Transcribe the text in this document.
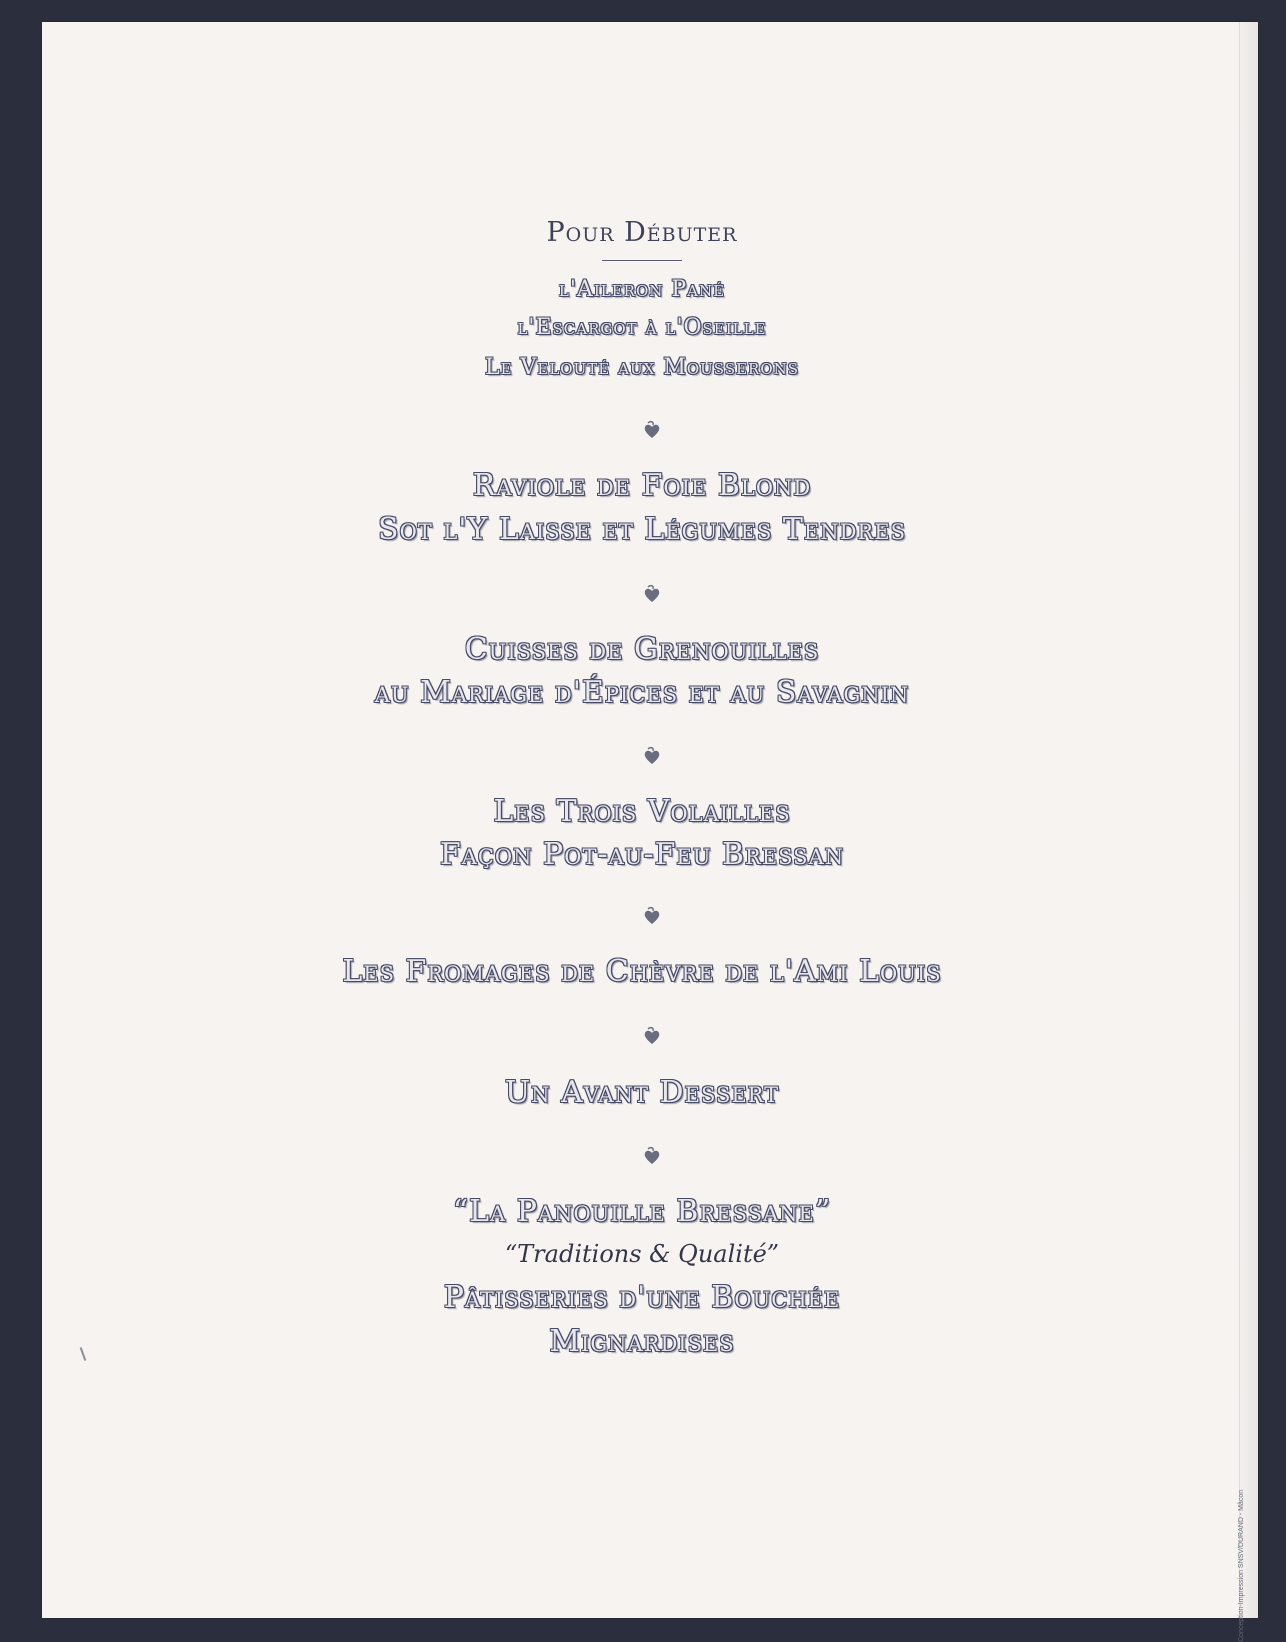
Pour Débuter
l'Aileron Pané
l'Escargot à l'Oseille
Le Velouté aux Mousserons
Raviole de Foie Blond
Sot l'Y Laisse et Légumes Tendres
Cuisses de Grenouilles
au Mariage d'Épices et au Savagnin
Les Trois Volailles
Façon Pot-au-Feu Bressan
Les Fromages de Chèvre de l'Ami Louis
Un Avant Dessert
“La Panouille Bressane”
“Traditions & Qualité”
Pâtisseries d'une Bouchée
Mignardises
Conception-Impression SNSV/DURAND - Mâcon
